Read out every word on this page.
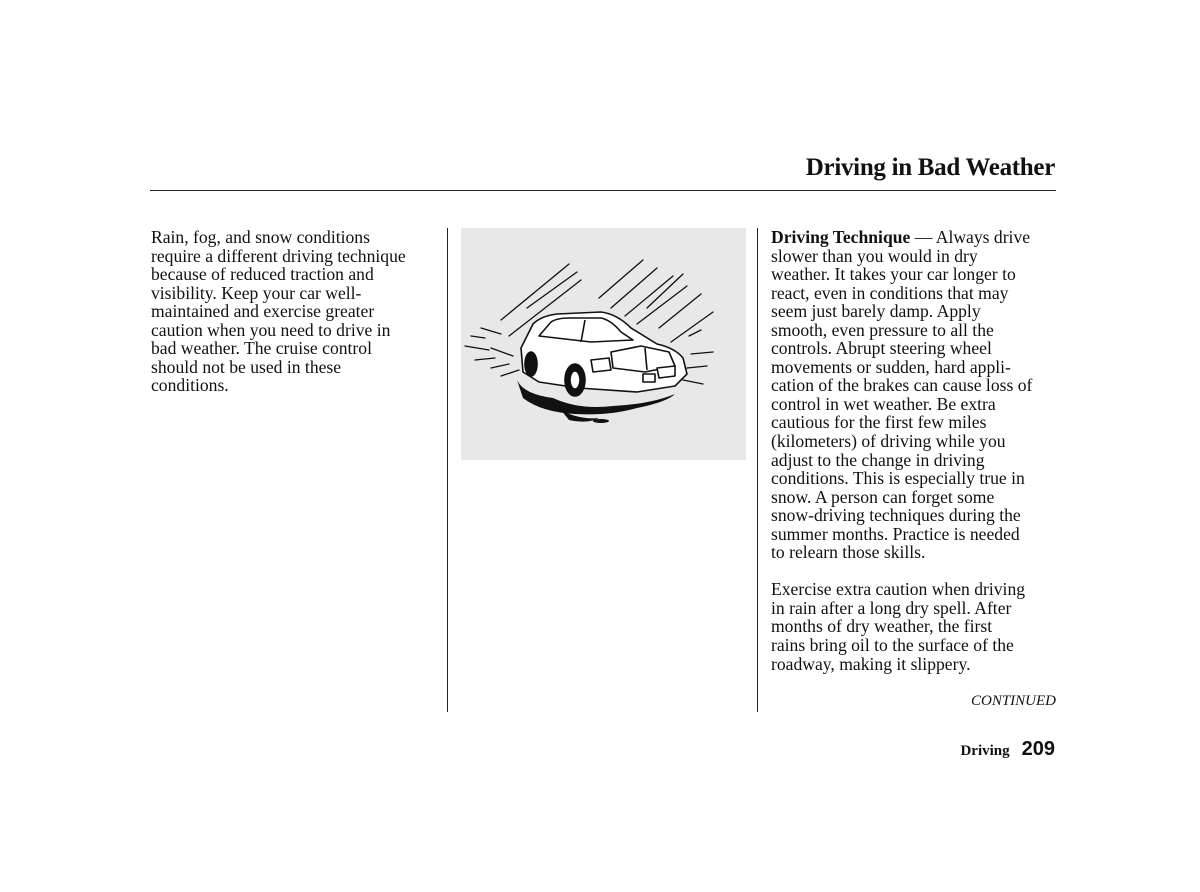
Driving in Bad Weather

Rain, fog, and snow conditions
require a different driving technique
because of reduced traction and
visibility. Keep your car well-
maintained and exercise greater
caution when you need to drive in
bad weather. The cruise control
should not be used in these
conditions.

Driving Technique — Always drive
slower than you would in dry
weather. It takes your car longer to
react, even in conditions that may
seem just barely damp. Apply
smooth, even pressure to all the
controls. Abrupt steering wheel
movements or sudden, hard appli-
cation of the brakes can cause loss of
control in wet weather. Be extra
cautious for the first few miles
(kilometers) of driving while you
adjust to the change in driving
conditions. This is especially true in
snow. A person can forget some
snow-driving techniques during the
summer months. Practice is needed
to relearn those skills.

Exercise extra caution when driving
in rain after a long dry spell. After
months of dry weather, the first
rains bring oil to the surface of the
roadway, making it slippery.

CONTINUED
Driving 209
